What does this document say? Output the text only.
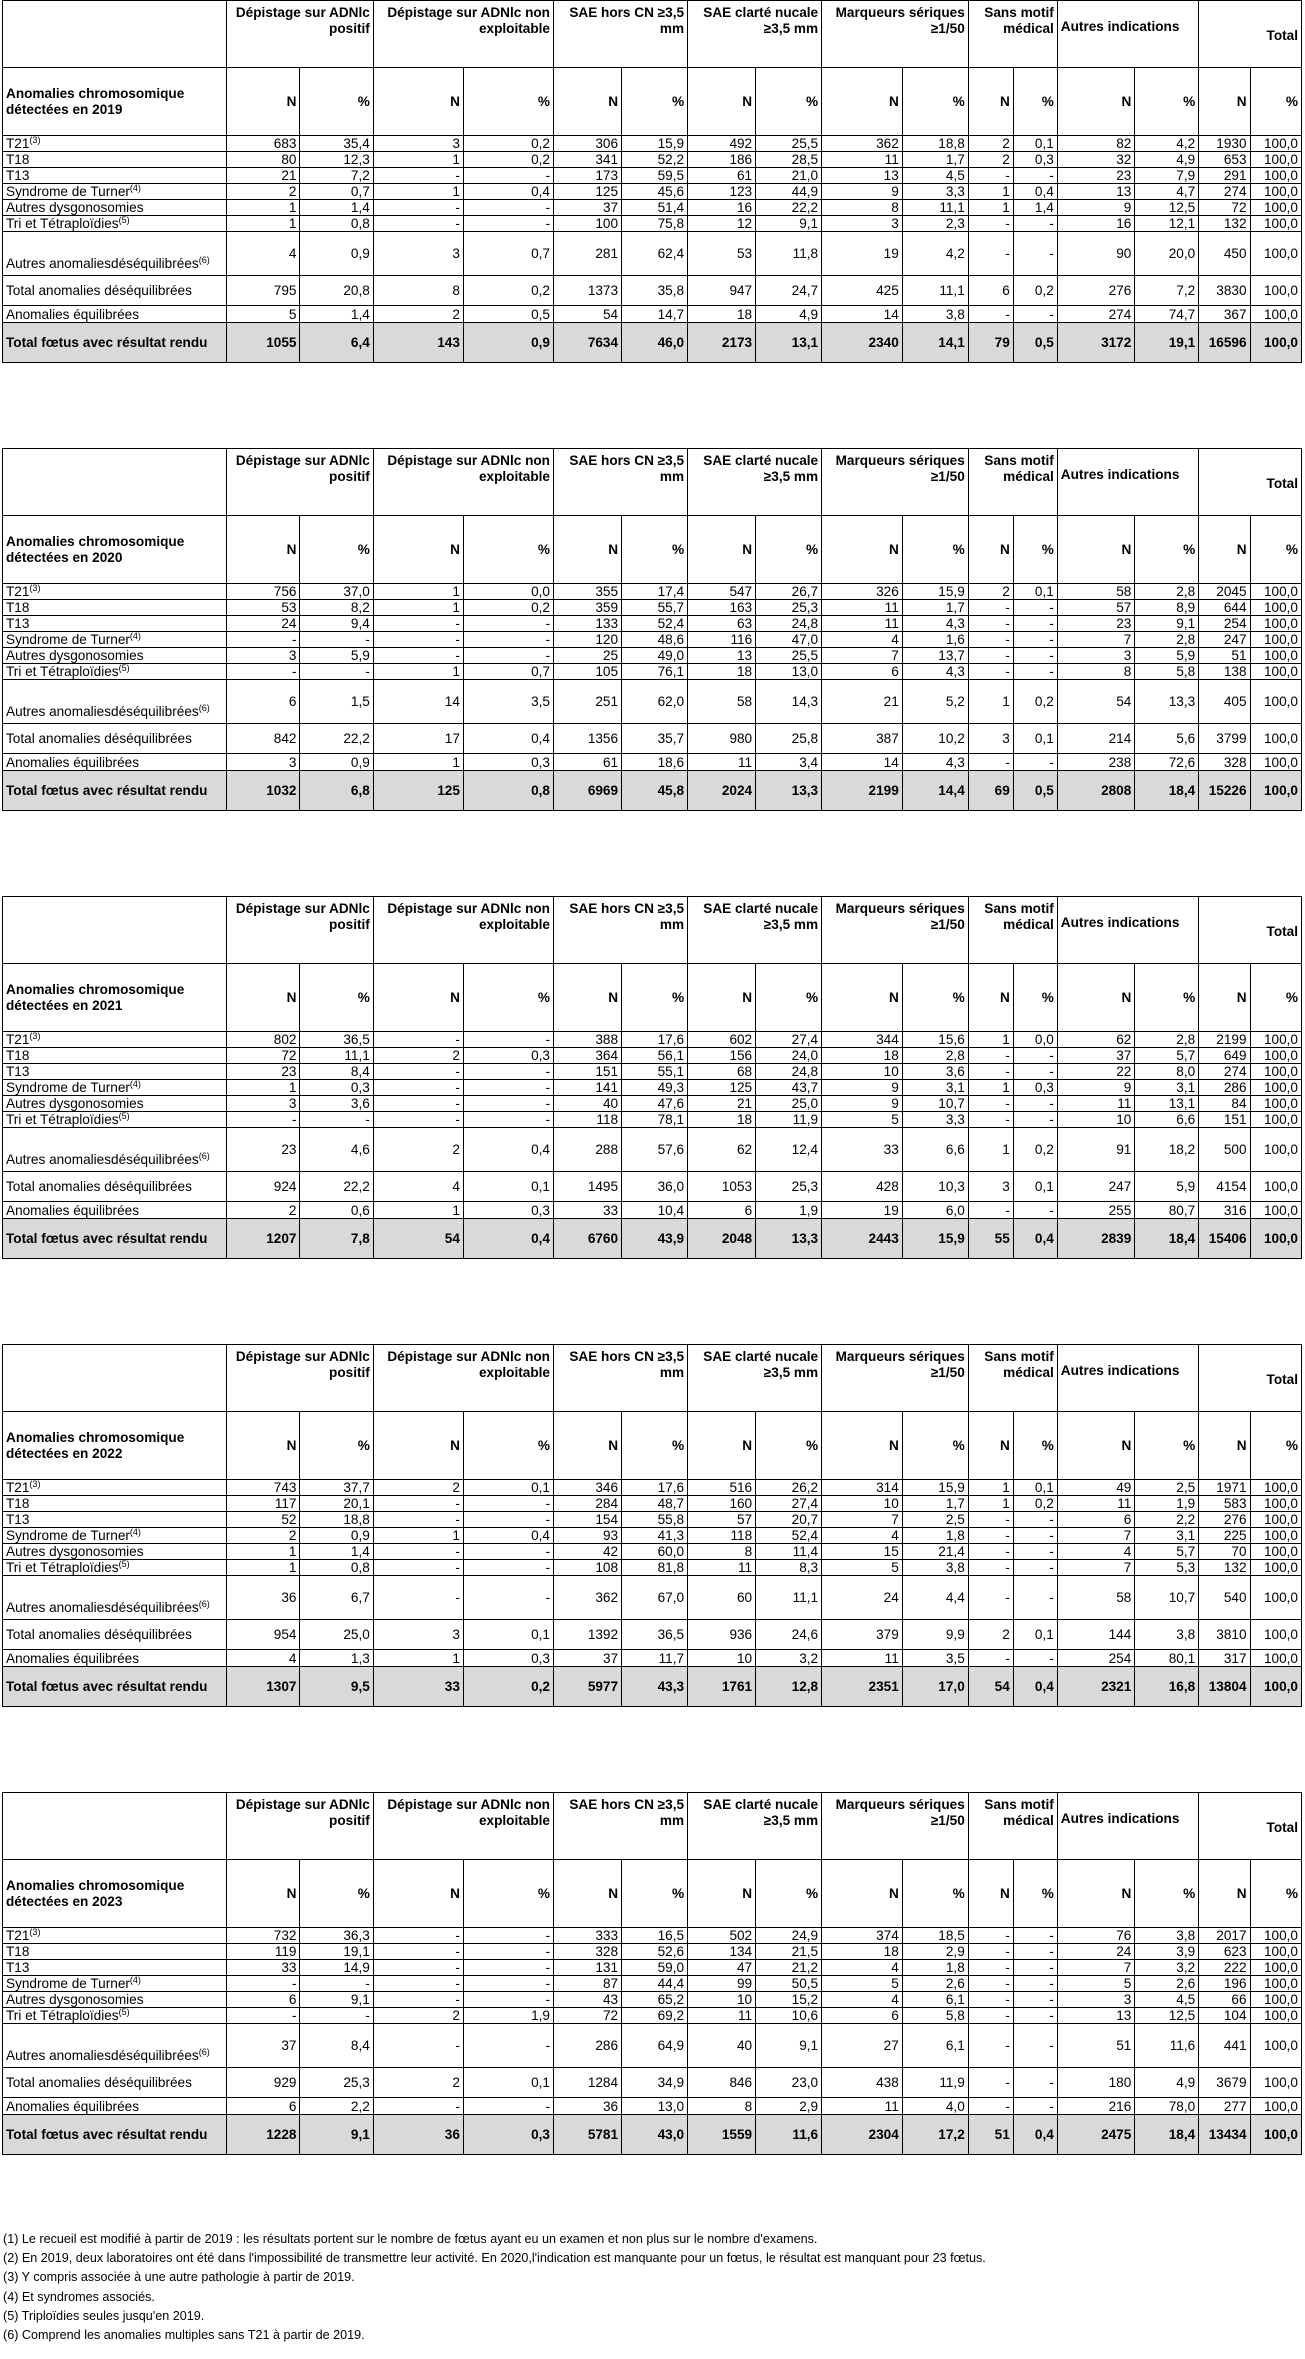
	Dépistage sur ADNlc positif		Dépistage sur ADNlc non exploitable		SAE hors CN ≥3,5 mm		SAE clarté nucale ≥3,5 mm		Marqueurs sériques ≥1/50		Sans motif médical		Autres indications		Total	
Anomalies chromosomique détectées en 2019	N	%	N	%	N	%	N	%	N	%	N	%	N	%	N	%
T21$^{(3)}$	683	35,4	3	0,2	306	15,9	492	25,5	362	18,8	2	0,1	82	4,2	1930	100,0
T18	80	12,3	1	0,2	341	52,2	186	28,5	11	1,7	2	0,3	32	4,9	653	100,0
T13	21	7,2	-	-	173	59,5	61	21,0	13	4,5	-	-	23	7,9	291	100,0
Syndrome de Turner$^{(4)}$	2	0,7	1	0,4	125	45,6	123	44,9	9	3,3	1	0,4	13	4,7	274	100,0
Autres dysgonosomies	1	1,4	-	-	37	51,4	16	22,2	8	11,1	1	1,4	9	12,5	72	100,0
Tri et Tétraploïdies$^{(5)}$	1	0,8	-	-	100	75,8	12	9,1	3	2,3	-	-	16	12,1	132	100,0
Autres anomaliesdéséquilibrées$^{(6)}$	4	0,9	3	0,7	281	62,4	53	11,8	19	4,2	-	-	90	20,0	450	100,0
Total anomalies déséquilibrées	795	20,8	8	0,2	1373	35,8	947	24,7	425	11,1	6	0,2	276	7,2	3830	100,0
Anomalies équilibrées	5	1,4	2	0,5	54	14,7	18	4,9	14	3,8	-	-	274	74,7	367	100,0
Total fœtus avec résultat rendu	1055	6,4	143	0,9	7634	46,0	2173	13,1	2340	14,1	79	0,5	3172	19,1	16596	100,0
	Dépistage sur ADNlc positif		Dépistage sur ADNlc non exploitable		SAE hors CN ≥3,5 mm		SAE clarté nucale ≥3,5 mm		Marqueurs sériques ≥1/50		Sans motif médical		Autres indications		Total	
Anomalies chromosomique détectées en 2020	N	%	N	%	N	%	N	%	N	%	N	%	N	%	N	%
T21$^{(3)}$	756	37,0	1	0,0	355	17,4	547	26,7	326	15,9	2	0,1	58	2,8	2045	100,0
T18	53	8,2	1	0,2	359	55,7	163	25,3	11	1,7	-	-	57	8,9	644	100,0
T13	24	9,4	-	-	133	52,4	63	24,8	11	4,3	-	-	23	9,1	254	100,0
Syndrome de Turner$^{(4)}$	-	-	-	-	120	48,6	116	47,0	4	1,6	-	-	7	2,8	247	100,0
Autres dysgonosomies	3	5,9	-	-	25	49,0	13	25,5	7	13,7	-	-	3	5,9	51	100,0
Tri et Tétraploïdies$^{(5)}$	-	-	1	0,7	105	76,1	18	13,0	6	4,3	-	-	8	5,8	138	100,0
Autres anomaliesdéséquilibrées$^{(6)}$	6	1,5	14	3,5	251	62,0	58	14,3	21	5,2	1	0,2	54	13,3	405	100,0
Total anomalies déséquilibrées	842	22,2	17	0,4	1356	35,7	980	25,8	387	10,2	3	0,1	214	5,6	3799	100,0
Anomalies équilibrées	3	0,9	1	0,3	61	18,6	11	3,4	14	4,3	-	-	238	72,6	328	100,0
Total fœtus avec résultat rendu	1032	6,8	125	0,8	6969	45,8	2024	13,3	2199	14,4	69	0,5	2808	18,4	15226	100,0
	Dépistage sur ADNlc positif		Dépistage sur ADNlc non exploitable		SAE hors CN ≥3,5 mm		SAE clarté nucale ≥3,5 mm		Marqueurs sériques ≥1/50		Sans motif médical		Autres indications		Total	
Anomalies chromosomique détectées en 2021	N	%	N	%	N	%	N	%	N	%	N	%	N	%	N	%
T21$^{(3)}$	802	36,5	-	-	388	17,6	602	27,4	344	15,6	1	0,0	62	2,8	2199	100,0
T18	72	11,1	2	0,3	364	56,1	156	24,0	18	2,8	-	-	37	5,7	649	100,0
T13	23	8,4	-	-	151	55,1	68	24,8	10	3,6	-	-	22	8,0	274	100,0
Syndrome de Turner$^{(4)}$	1	0,3	-	-	141	49,3	125	43,7	9	3,1	1	0,3	9	3,1	286	100,0
Autres dysgonosomies	3	3,6	-	-	40	47,6	21	25,0	9	10,7	-	-	11	13,1	84	100,0
Tri et Tétraploïdies$^{(5)}$	-	-	-	-	118	78,1	18	11,9	5	3,3	-	-	10	6,6	151	100,0
Autres anomaliesdéséquilibrées$^{(6)}$	23	4,6	2	0,4	288	57,6	62	12,4	33	6,6	1	0,2	91	18,2	500	100,0
Total anomalies déséquilibrées	924	22,2	4	0,1	1495	36,0	1053	25,3	428	10,3	3	0,1	247	5,9	4154	100,0
Anomalies équilibrées	2	0,6	1	0,3	33	10,4	6	1,9	19	6,0	-	-	255	80,7	316	100,0
Total fœtus avec résultat rendu	1207	7,8	54	0,4	6760	43,9	2048	13,3	2443	15,9	55	0,4	2839	18,4	15406	100,0
	Dépistage sur ADNlc positif		Dépistage sur ADNlc non exploitable		SAE hors CN ≥3,5 mm		SAE clarté nucale ≥3,5 mm		Marqueurs sériques ≥1/50		Sans motif médical		Autres indications		Total	
Anomalies chromosomique détectées en 2022	N	%	N	%	N	%	N	%	N	%	N	%	N	%	N	%
T21$^{(3)}$	743	37,7	2	0,1	346	17,6	516	26,2	314	15,9	1	0,1	49	2,5	1971	100,0
T18	117	20,1	-	-	284	48,7	160	27,4	10	1,7	1	0,2	11	1,9	583	100,0
T13	52	18,8	-	-	154	55,8	57	20,7	7	2,5	-	-	6	2,2	276	100,0
Syndrome de Turner$^{(4)}$	2	0,9	1	0,4	93	41,3	118	52,4	4	1,8	-	-	7	3,1	225	100,0
Autres dysgonosomies	1	1,4	-	-	42	60,0	8	11,4	15	21,4	-	-	4	5,7	70	100,0
Tri et Tétraploïdies$^{(5)}$	1	0,8	-	-	108	81,8	11	8,3	5	3,8	-	-	7	5,3	132	100,0
Autres anomaliesdéséquilibrées$^{(6)}$	36	6,7	-	-	362	67,0	60	11,1	24	4,4	-	-	58	10,7	540	100,0
Total anomalies déséquilibrées	954	25,0	3	0,1	1392	36,5	936	24,6	379	9,9	2	0,1	144	3,8	3810	100,0
Anomalies équilibrées	4	1,3	1	0,3	37	11,7	10	3,2	11	3,5	-	-	254	80,1	317	100,0
Total fœtus avec résultat rendu	1307	9,5	33	0,2	5977	43,3	1761	12,8	2351	17,0	54	0,4	2321	16,8	13804	100,0
	Dépistage sur ADNlc positif		Dépistage sur ADNlc non exploitable		SAE hors CN ≥3,5 mm		SAE clarté nucale ≥3,5 mm		Marqueurs sériques ≥1/50		Sans motif médical		Autres indications		Total	
Anomalies chromosomique détectées en 2023	N	%	N	%	N	%	N	%	N	%	N	%	N	%	N	%
T21$^{(3)}$	732	36,3	-	-	333	16,5	502	24,9	374	18,5	-	-	76	3,8	2017	100,0
T18	119	19,1	-	-	328	52,6	134	21,5	18	2,9	-	-	24	3,9	623	100,0
T13	33	14,9	-	-	131	59,0	47	21,2	4	1,8	-	-	7	3,2	222	100,0
Syndrome de Turner$^{(4)}$	-	-	-	-	87	44,4	99	50,5	5	2,6	-	-	5	2,6	196	100,0
Autres dysgonosomies	6	9,1	-	-	43	65,2	10	15,2	4	6,1	-	-	3	4,5	66	100,0
Tri et Tétraploïdies$^{(5)}$	-	-	2	1,9	72	69,2	11	10,6	6	5,8	-	-	13	12,5	104	100,0
Autres anomaliesdéséquilibrées$^{(6)}$	37	8,4	-	-	286	64,9	40	9,1	27	6,1	-	-	51	11,6	441	100,0
Total anomalies déséquilibrées	929	25,3	2	0,1	1284	34,9	846	23,0	438	11,9	-	-	180	4,9	3679	100,0
Anomalies équilibrées	6	2,2	-	-	36	13,0	8	2,9	11	4,0	-	-	216	78,0	277	100,0
Total fœtus avec résultat rendu	1228	9,1	36	0,3	5781	43,0	1559	11,6	2304	17,2	51	0,4	2475	18,4	13434	100,0
(1) Le recueil est modifié à partir de 2019 : les résultats portent sur le nombre de fœtus ayant eu un examen et non plus sur le nombre d'examens.
(2) En 2019, deux laboratoires ont été dans l'impossibilité de transmettre leur activité. En 2020,l'indication est manquante pour un fœtus, le résultat est manquant pour 23 fœtus.
(3) Y compris associée à une autre pathologie à partir de 2019.
(4) Et syndromes associés.
(5) Triploïdies seules jusqu'en 2019.
(6) Comprend les anomalies multiples sans T21 à partir de 2019.
